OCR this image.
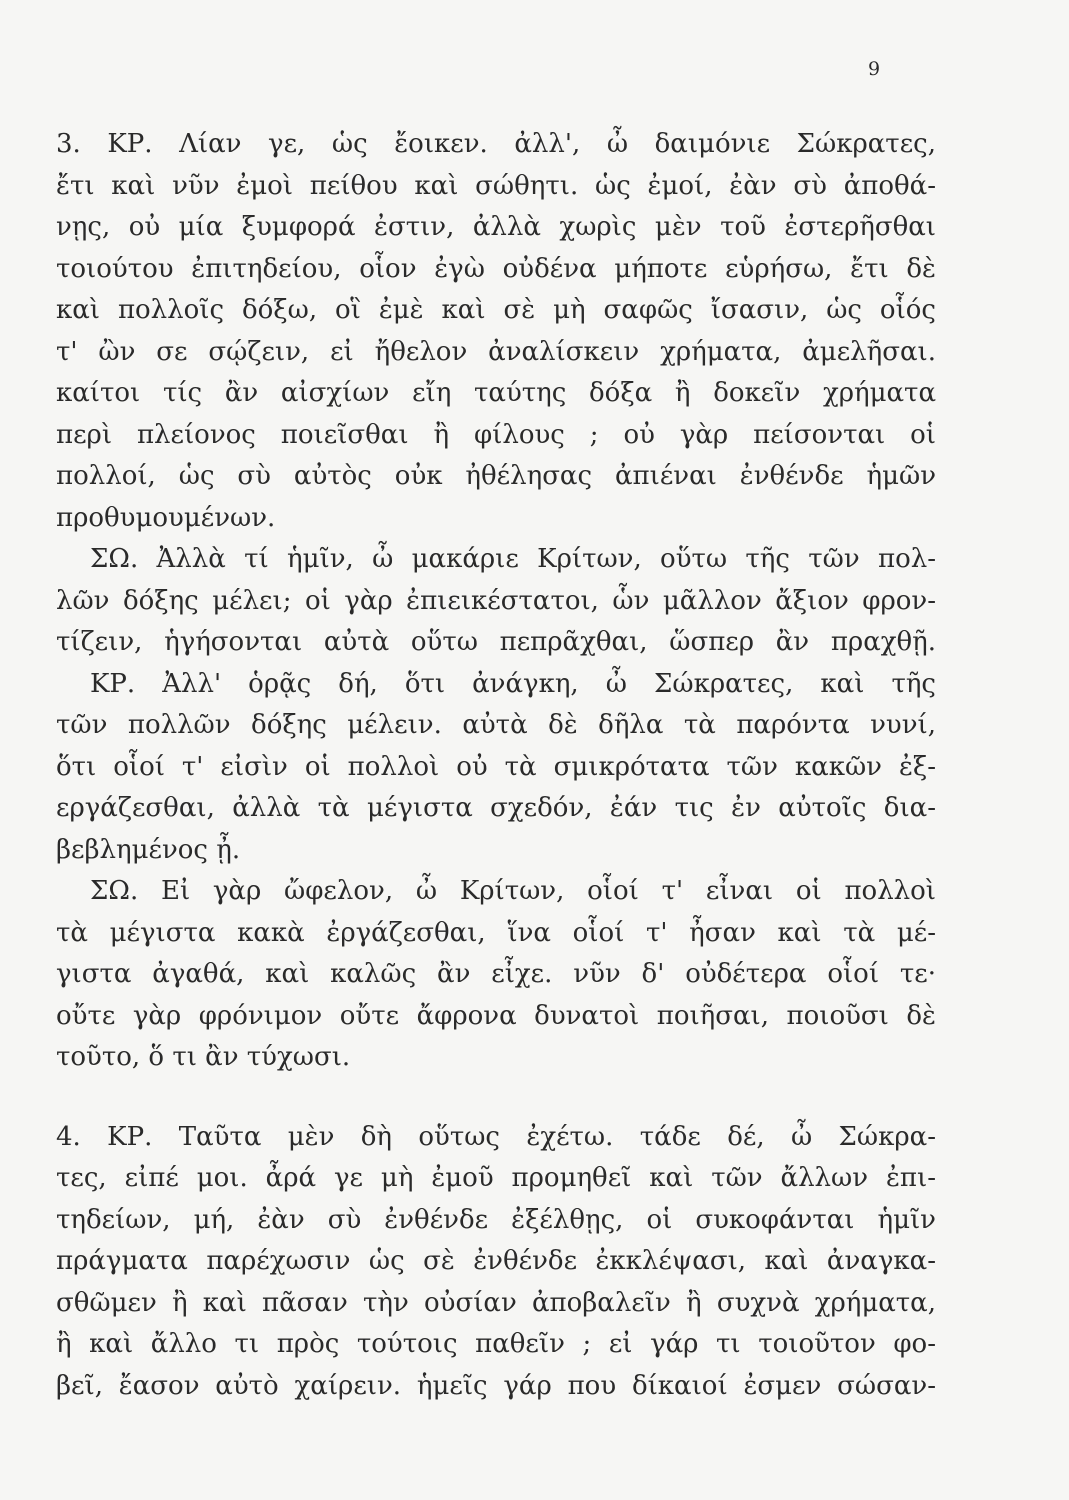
9
3. ΚΡ. Λίαν γε, ὡς ἔοικεν. ἀλλ', ὦ δαιμόνιε Σώκρατες,
ἔτι καὶ νῦν ἐμοὶ πείθου καὶ σώθητι. ὡς ἐμοί, ἐὰν σὺ ἀποθά-
νῃς, οὐ μία ξυμφορά ἐστιν, ἀλλὰ χωρὶς μὲν τοῦ ἐστερῆσθαι
τοιούτου ἐπιτηδείου, οἷον ἐγὼ οὐδένα μήποτε εὑρήσω, ἔτι δὲ
καὶ πολλοῖς δόξω, οἳ ἐμὲ καὶ σὲ μὴ σαφῶς ἴσασιν, ὡς οἷός
τ' ὢν σε σῴζειν, εἰ ἤθελον ἀναλίσκειν χρήματα, ἀμελῆσαι.
καίτοι τίς ἂν αἰσχίων εἴη ταύτης δόξα ἢ δοκεῖν χρήματα
περὶ πλείονος ποιεῖσθαι ἢ φίλους ; οὐ γὰρ πείσονται οἱ
πολλοί, ὡς σὺ αὐτὸς οὐκ ἠθέλησας ἀπιέναι ἐνθένδε ἡμῶν
προθυμουμένων.
ΣΩ. Ἀλλὰ τί ἡμῖν, ὦ μακάριε Κρίτων, οὕτω τῆς τῶν πολ-
λῶν δόξης μέλει; οἱ γὰρ ἐπιεικέστατοι, ὧν μᾶλλον ἄξιον φρον-
τίζειν, ἡγήσονται αὐτὰ οὕτω πεπρᾶχθαι, ὥσπερ ἂν πραχθῇ.
ΚΡ. Ἀλλ' ὁρᾷς δή, ὅτι ἀνάγκη, ὦ Σώκρατες, καὶ τῆς
τῶν πολλῶν δόξης μέλειν. αὐτὰ δὲ δῆλα τὰ παρόντα νυνί,
ὅτι οἷοί τ' εἰσὶν οἱ πολλοὶ οὐ τὰ σμικρότατα τῶν κακῶν ἐξ-
εργάζεσθαι, ἀλλὰ τὰ μέγιστα σχεδόν, ἐάν τις ἐν αὐτοῖς δια-
βεβλημένος ᾖ.
ΣΩ. Εἰ γὰρ ὤφελον, ὦ Κρίτων, οἷοί τ' εἶναι οἱ πολλοὶ
τὰ μέγιστα κακὰ ἐργάζεσθαι, ἵνα οἷοί τ' ἦσαν καὶ τὰ μέ-
γιστα ἀγαθά, καὶ καλῶς ἂν εἶχε. νῦν δ' οὐδέτερα οἷοί τε·
οὔτε γὰρ φρόνιμον οὔτε ἄφρονα δυνατοὶ ποιῆσαι, ποιοῦσι δὲ
τοῦτο, ὅ τι ἂν τύχωσι.
4. ΚΡ. Ταῦτα μὲν δὴ οὕτως ἐχέτω. τάδε δέ, ὦ Σώκρα-
τες, εἰπέ μοι. ἆρά γε μὴ ἐμοῦ προμηθεῖ καὶ τῶν ἄλλων ἐπι-
τηδείων, μή, ἐὰν σὺ ἐνθένδε ἐξέλθῃς, οἱ συκοφάνται ἡμῖν
πράγματα παρέχωσιν ὡς σὲ ἐνθένδε ἐκκλέψασι, καὶ ἀναγκα-
σθῶμεν ἢ καὶ πᾶσαν τὴν οὐσίαν ἀποβαλεῖν ἢ συχνὰ χρήματα,
ἢ καὶ ἄλλο τι πρὸς τούτοις παθεῖν ; εἰ γάρ τι τοιοῦτον φο-
βεῖ, ἔασον αὐτὸ χαίρειν. ἡμεῖς γάρ που δίκαιοί ἐσμεν σώσαν-
